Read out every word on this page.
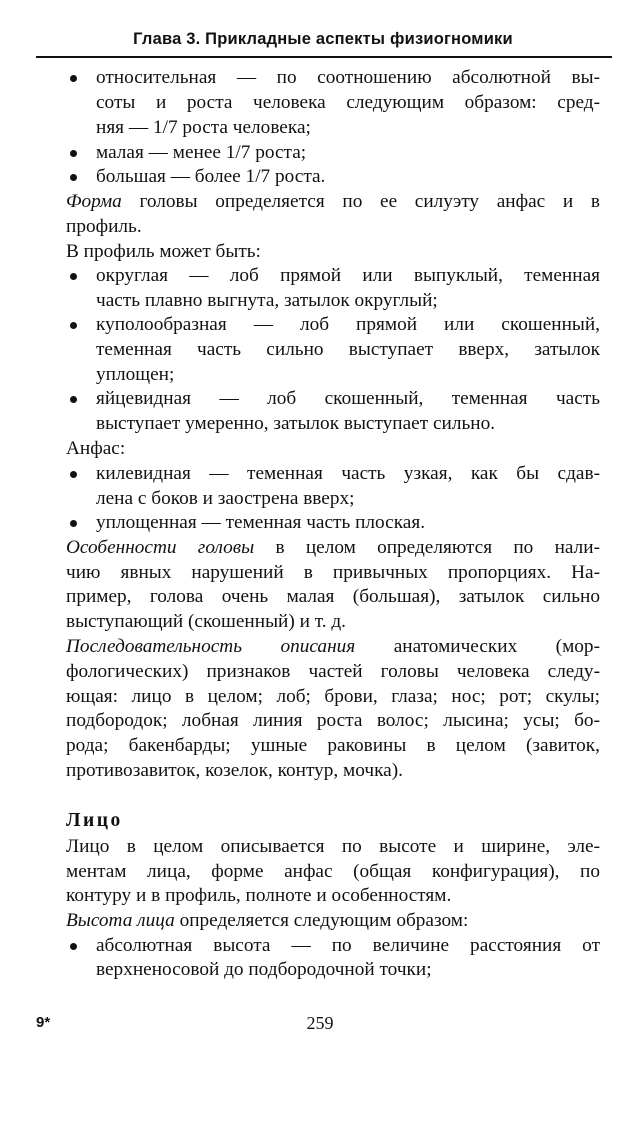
Глава 3. Прикладные аспекты физиогномики
относительная — по соотношению абсолютной вы-
соты и роста человека следующим образом: сред-
няя — 1/7 роста человека;
малая — менее 1/7 роста;
большая — более 1/7 роста.
Форма головы определяется по ее силуэту анфас и в
профиль.
В профиль может быть:
округлая — лоб прямой или выпуклый, теменная
часть плавно выгнута, затылок округлый;
куполообразная — лоб прямой или скошенный,
теменная часть сильно выступает вверх, затылок
уплощен;
яйцевидная — лоб скошенный, теменная часть
выступает умеренно, затылок выступает сильно.
Анфас:
килевидная — теменная часть узкая, как бы сдав-
лена с боков и заострена вверх;
уплощенная — теменная часть плоская.
Особенности головы в целом определяются по нали-
чию явных нарушений в привычных пропорциях. На-
пример, голова очень малая (большая), затылок сильно
выступающий (скошенный) и т. д.
Последовательность описания анатомических (мор-
фологических) признаков частей головы человека следу-
ющая: лицо в целом; лоб; брови, глаза; нос; рот; скулы;
подбородок; лобная линия роста волос; лысина; усы; бо-
рода; бакенбарды; ушные раковины в целом (завиток,
противозавиток, козелок, контур, мочка).
Лицо
Лицо в целом описывается по высоте и ширине, эле-
ментам лица, форме анфас (общая конфигурация), по
контуру и в профиль, полноте и особенностям.
Высота лица определяется следующим образом:
абсолютная высота — по величине расстояния от
верхненосовой до подбородочной точки;
9*	259
